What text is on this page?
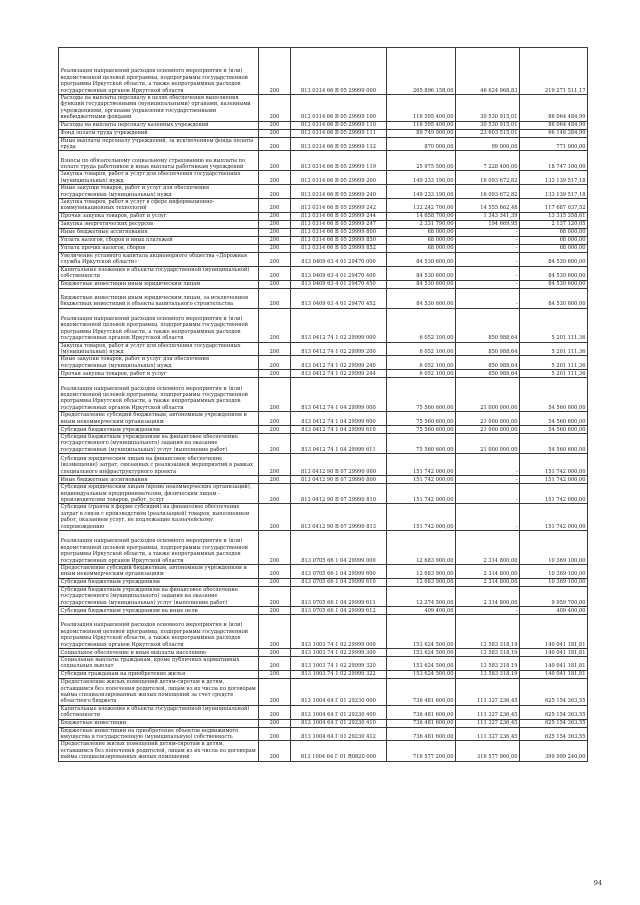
Реализация направлений расходов основного мероприятия и (или) ведомственной целевой программы, подпрограммы государственной программы Иркутской области, а также непрограммных расходов государственных органов Иркутской области	200	813 0314 66 В 05 29999 000	265 896 158,00	46 624 968,83	219 271 511,17
Расходы на выплаты персоналу в целях обеспечения выполнения функций государственными (муниципальными) органами, казенными учреждениями, органами управления государственными внебюджетными фондами	200	813 0314 66 В 05 29999 100	116 595 400,00	30 530 915,01	86 064 484,99
Расходы на выплаты персоналу казенных учреждений	200	813 0314 66 В 05 29999 110	116 595 400,00	30 530 915,01	86 064 484,99
Фонд оплаты труда учреждений	200	813 0314 66 В 05 29999 111	89 749 900,00	23 603 515,01	66 146 384,99
Иные выплаты персоналу учреждений, за исключением фонда оплаты труда	200	813 0314 66 В 05 29999 112	870 000,00	99 000,00	771 000,00
Взносы по обязательному социальному страхованию на выплаты по оплате труда работников и иные выплаты работникам учреждений	200	813 0314 66 В 05 29999 119	25 975 500,00	7 228 400,00	18 747 100,00
Закупка товаров, работ и услуг для обеспечения государственных (муниципальных) нужд	200	813 0314 66 В 05 29999 200	149 233 190,00	16 093 672,82	133 139 517,18
Иные закупки товаров, работ и услуг для обеспечения государственных (муниципальных) нужд	200	813 0314 66 В 05 29999 240	149 233 190,00	16 093 672,82	133 139 517,18
Закупка товаров, работ и услуг в сфере информационно-коммуникационных технологий	200	813 0314 66 В 05 29999 242	132 242 700,00	14 555 662,48	117 687 037,52
Прочая закупка товаров, работ и услуг	200	813 0314 66 В 05 29999 244	14 658 700,00	1 343 341,39	13 315 358,61
Закупка энергетических ресурсов	200	813 0314 66 В 05 29999 247	2 331 790,00	194 669,95	2 137 120,05
Иные бюджетные ассигнования	200	813 0314 66 В 05 29999 800	68 000,00	-	68 000,00
Уплата налогов, сборов и иных платежей	200	813 0314 66 В 05 29999 850	68 000,00	-	68 000,00
Уплата прочих налогов, сборов	200	813 0314 66 В 05 29999 852	68 000,00	-	68 000,00
Увеличение уставного капитала акционерного общества «Дорожная служба Иркутской области»	200	813 0409 63 4 01 29470 000	84 530 600,00	-	84 530 600,00
Капитальные вложения в объекты государственной (муниципальной) собственности	200	813 0409 63 4 01 29470 400	84 530 600,00	-	84 530 600,00
Бюджетные инвестиции иным юридическим лицам	200	813 0409 63 4 01 29470 450	84 530 600,00	-	84 530 600,00
Бюджетные инвестиции иным юридическим лицам, за исключением бюджетных инвестиций в объекты капитального строительства	200	813 0409 63 4 01 29470 452	84 530 600,00	-	84 530 600,00
Реализация направлений расходов основного мероприятия и (или) ведомственной целевой программы, подпрограммы государственной программы Иркутской области, а также непрограммных расходов государственных органов Иркутской области	200	813 0412 74 1 02 29999 000	6 052 100,00	850 988,64	5 201 111,36
Закупка товаров, работ и услуг для обеспечения государственных (муниципальных) нужд	200	813 0412 74 1 02 29999 200	6 052 100,00	850 988,64	5 201 111,36
Иные закупки товаров, работ и услуг для обеспечения государственных (муниципальных) нужд	200	813 0412 74 1 02 29999 240	6 052 100,00	850 988,64	5 201 111,36
Прочая закупка товаров, работ и услуг	200	813 0412 74 1 02 29999 244	6 052 100,00	850 988,64	5 201 111,36
Реализация направлений расходов основного мероприятия и (или) ведомственной целевой программы, подпрограммы государственной программы Иркутской области, а также непрограммных расходов государственных органов Иркутской области	200	813 0412 74 1 04 29999 000	75 560 600,00	21 000 000,00	54 560 600,00
Предоставление субсидий бюджетным, автономным учреждениям и иным некоммерческим организациям	200	813 0412 74 1 04 29999 600	75 560 600,00	21 000 000,00	54 560 600,00
Субсидии бюджетным учреждениям	200	813 0412 74 1 04 29999 610	75 560 600,00	21 000 000,00	54 560 600,00
Субсидии бюджетным учреждениям на финансовое обеспечение государственного (муниципального) задания на оказание государственных (муниципальных) услуг (выполнение работ)	200	813 0412 74 1 04 29999 611	75 560 600,00	21 000 000,00	54 560 600,00
Субсидии юридическим лицам на финансовое обеспечение (возмещение) затрат, связанных с реализацией мероприятий в рамках специального инфраструктурного проекта	200	813 0412 90 В 07 29990 000	151 742 000,00	-	151 742 000,00
Иные бюджетные ассигнования	200	813 0412 90 В 07 29990 800	151 742 000,00	-	151 742 000,00
Субсидии юридическим лицам (кроме некоммерческих организаций), индивидуальным предпринимателям, физическим лицам - производителям товаров, работ, услуг	200	813 0412 90 В 07 29990 810	151 742 000,00	-	151 742 000,00
Субсидии (гранты в форме субсидий) на финансовое обеспечение затрат в связи с производством (реализацией) товаров, выполнением работ, оказанием услуг, не подлежащие казначейскому сопровождению	200	813 0412 90 В 07 29990 813	151 742 000,00	-	151 742 000,00
Реализация направлений расходов основного мероприятия и (или) ведомственной целевой программы, подпрограммы государственной программы Иркутской области, а также непрограммных расходов государственных органов Иркутской области	200	813 0705 66 1 04 29999 000	12 683 900,00	2 314 800,00	10 369 100,00
Предоставление субсидий бюджетным, автономным учреждениям и иным некоммерческим организациям	200	813 0705 66 1 04 29999 600	12 683 900,00	2 314 800,00	10 369 100,00
Субсидии бюджетным учреждениям	200	813 0705 66 1 04 29999 610	12 683 900,00	2 314 800,00	10 369 100,00
Субсидии бюджетным учреждениям на финансовое обеспечение государственного (муниципального) задания на оказание государственных (муниципальных) услуг (выполнение работ)	200	813 0705 66 1 04 29999 611	12 274 500,00	2 314 800,00	9 959 700,00
Субсидии бюджетным учреждениям на иные цели	200	813 0705 66 1 04 29999 612	409 400,00	-	409 400,00
Реализация направлений расходов основного мероприятия и (или) ведомственной целевой программы, подпрограммы государственной программы Иркутской области, а также непрограммных расходов государственных органов Иркутской области	200	813 1003 74 1 02 29999 000	153 624 500,00	13 583 318,19	140 041 181,81
Социальное обеспечение и иные выплаты населению	200	813 1003 74 1 02 29999 300	153 624 500,00	13 583 318,19	140 041 181,81
Социальные выплаты гражданам, кроме публичных нормативных социальных выплат	200	813 1003 74 1 02 29999 320	153 624 500,00	13 583 318,19	140 041 181,81
Субсидии гражданам на приобретение жилья	200	813 1003 74 1 02 29999 322	153 624 500,00	13 583 318,19	140 041 181,81
Предоставление жилых помещений детям-сиротам и детям, оставшимся без попечения родителей, лицам из их числа по договорам найма специализированных жилых помещений за счет средств областного бюджета	200	813 1004 64 Г 01 29230 000	736 481 600,00	111 327 236,45	625 154 363,55
Капитальные вложения в объекты государственной (муниципальной) собственности	200	813 1004 64 Г 01 29230 400	736 481 600,00	111 327 236,45	625 154 363,55
Бюджетные инвестиции	200	813 1004 64 Г 01 29230 410	736 481 600,00	111 327 236,45	625 154 363,55
Бюджетные инвестиции на приобретение объектов недвижимого имущества в государственную (муниципальную) собственность	200	813 1004 64 Г 01 29230 412	736 481 600,00	111 327 236,45	625 154 363,55
Предоставление жилых помещений детям-сиротам и детям, оставшимся без попечения родителей, лицам из их числа по договорам найма специализированных жилых помещений	200	813 1004 64 Г 01 R0820 000	716 577 200,00	316 577 960,00	399 999 240,00
94
